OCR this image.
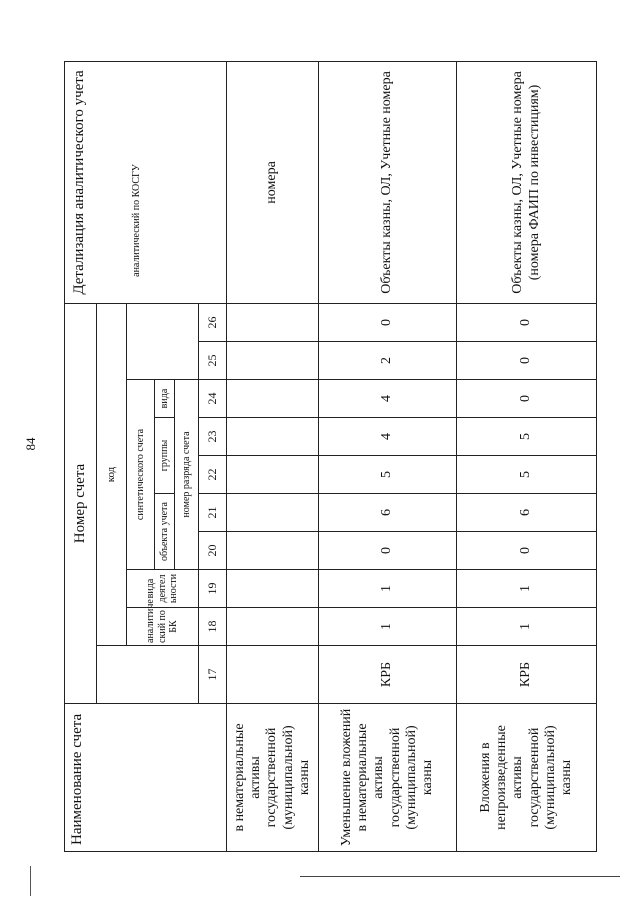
84
Наименование счета	Номер счета										Детализация аналитического учета
		код									
		аналитиче ский по БК	вида деятел ьности	синтетического счета					аналитический по КОСГУ		
				объекта учета		группы		вида			
				номер разряда счета							
	17	18	19	20	21	22	23	24	25	26	
в нематериальные активы государственной (муниципальной) казны											номера
Уменьшение вложений в нематериальные активы государственной (муниципальной) казны	КРБ	1	1	0	6	5	4	4	2	0	Объекты казны, ОЛ, Учетные номера
Вложения в непроизведенные активы государственной (муниципальной) казны	КРБ	1	1	0	6	5	5	0	0	0	Объекты казны, ОЛ, Учетные номера (номера ФАИП по инвестициям)
